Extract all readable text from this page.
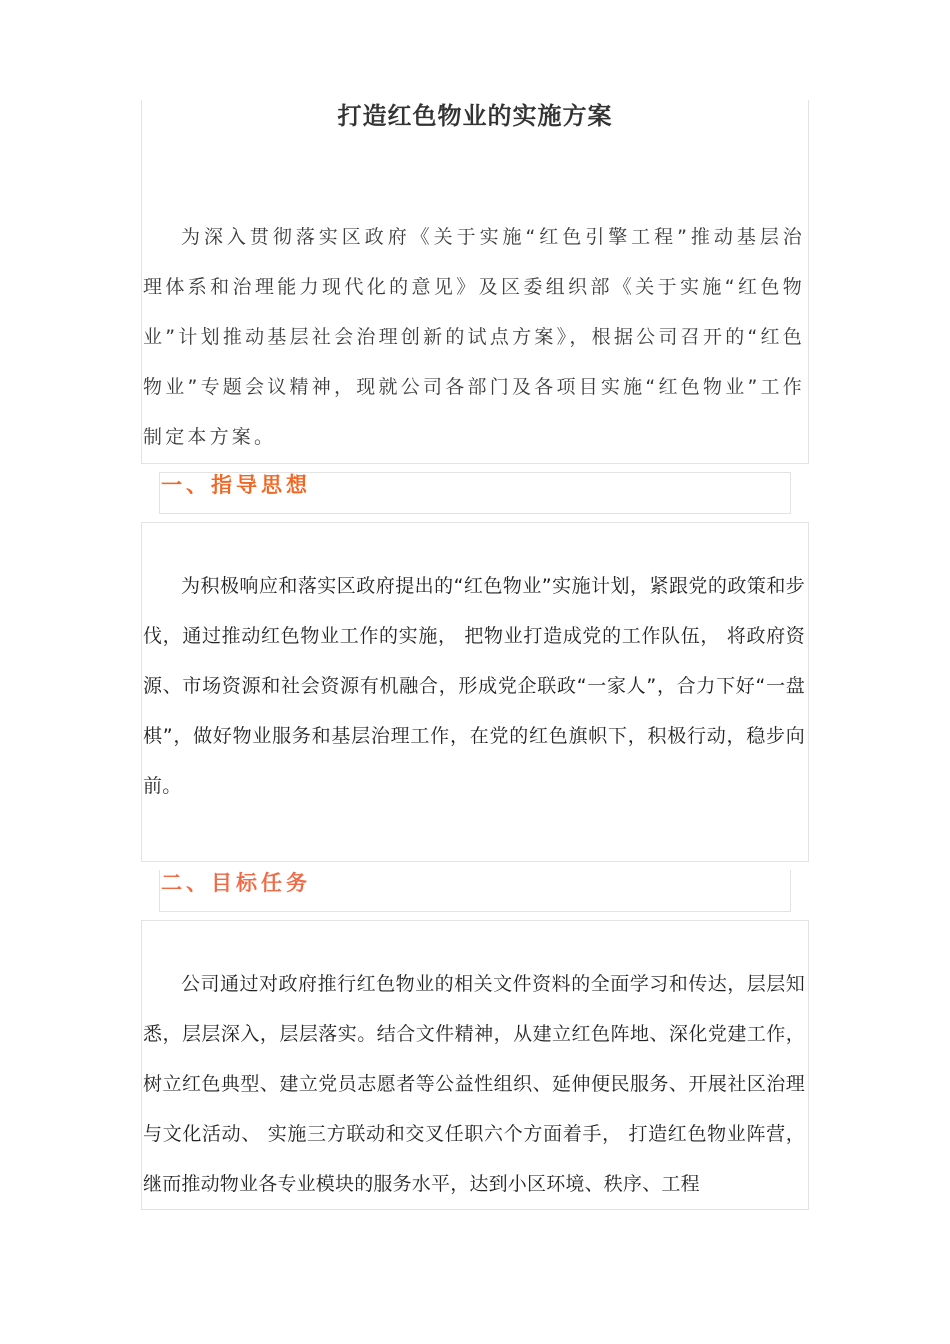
打造红色物业的实施方案

为深入贯彻落实区政府《关于实施“红色引擎工程”推动基层治理体系和治理能力现代化的意见》及区委组织部《关于实施“红色物业”计划推动基层社会治理创新的试点方案》，根据公司召开的“红色物业”专题会议精神，现就公司各部门及各项目实施“红色物业”工作制定本方案。

一、指导思想

为积极响应和落实区政府提出的“红色物业”实施计划，紧跟党的政策和步伐，通过推动红色物业工作的实施， 把物业打造成党的工作队伍， 将政府资源、市场资源和社会资源有机融合，形成党企联政“一家人”，合力下好“一盘棋”，做好物业服务和基层治理工作，在党的红色旗帜下，积极行动，稳步向前。

二、目标任务

公司通过对政府推行红色物业的相关文件资料的全面学习和传达，层层知悉，层层深入，层层落实。结合文件精神，从建立红色阵地、深化党建工作，树立红色典型、建立党员志愿者等公益性组织、延伸便民服务、开展社区治理与文化活动、 实施三方联动和交叉任职六个方面着手， 打造红色物业阵营，继而推动物业各专业模块的服务水平，达到小区环境、秩序、工程
